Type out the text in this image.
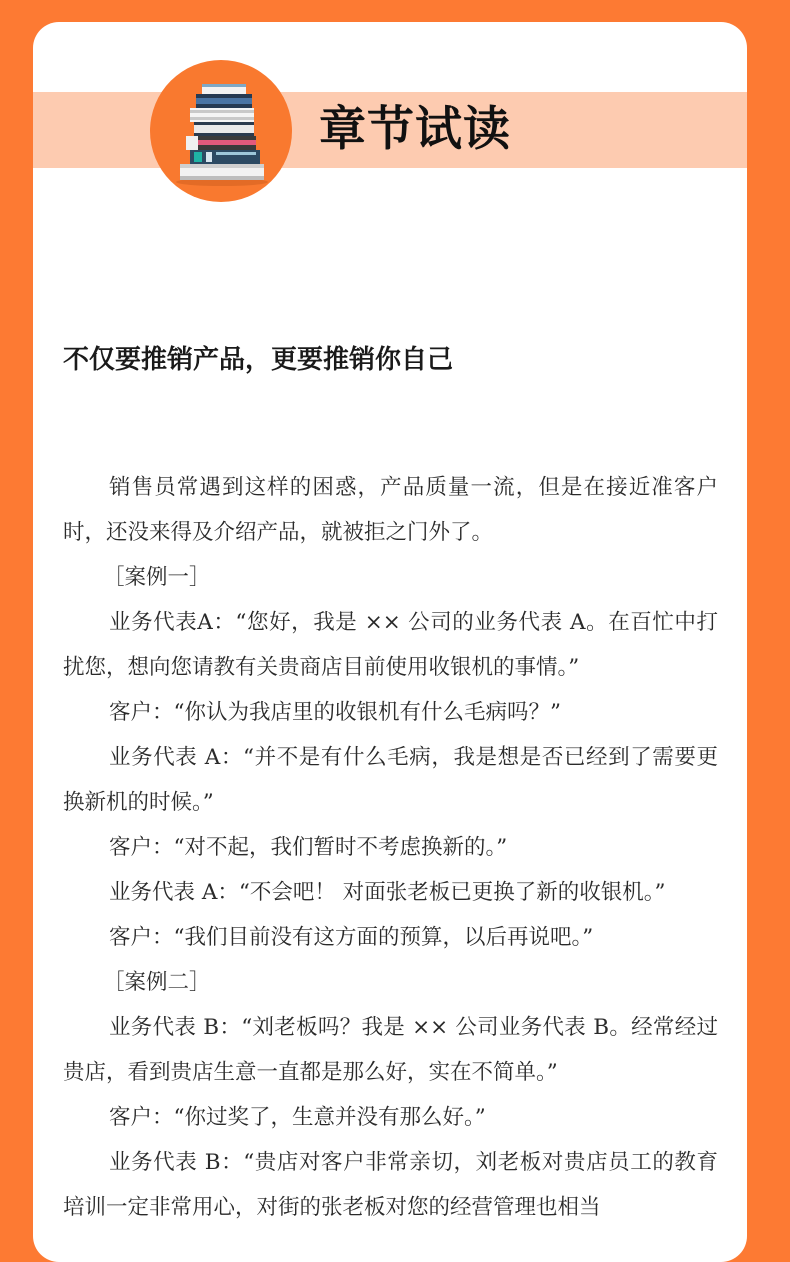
章节试读
不仅要推销产品，更要推销你自己

销售员常遇到这样的困惑，产品质量一流，但是在接近准客户时，还没来得及介绍产品，就被拒之门外了。

［案例一］

业务代表A：“您好，我是 ×× 公司的业务代表 A。在百忙中打扰您，想向您请教有关贵商店目前使用收银机的事情。”

客户：“你认为我店里的收银机有什么毛病吗？”

业务代表 A：“并不是有什么毛病，我是想是否已经到了需要更换新机的时候。”

客户：“对不起，我们暂时不考虑换新的。”

业务代表 A：“不会吧！ 对面张老板已更换了新的收银机。”

客户：“我们目前没有这方面的预算，以后再说吧。”

［案例二］

业务代表 B：“刘老板吗？我是 ×× 公司业务代表 B。经常经过贵店，看到贵店生意一直都是那么好，实在不简单。”

客户：“你过奖了，生意并没有那么好。”

业务代表 B：“贵店对客户非常亲切，刘老板对贵店员工的教育培训一定非常用心，对街的张老板对您的经营管理也相当
